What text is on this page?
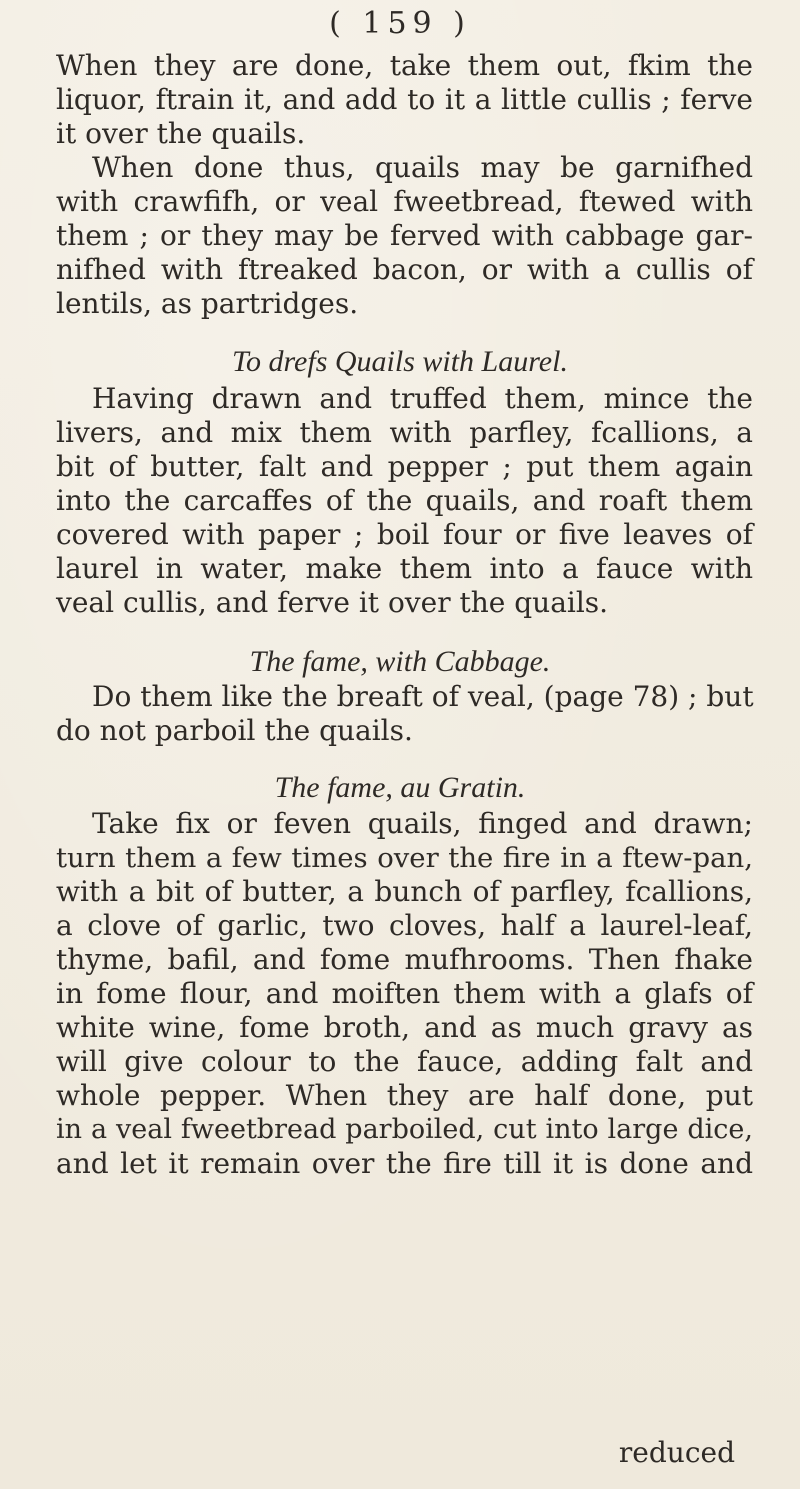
( 159 )
When they are done, take them out, fkim the
liquor, ftrain it, and add to it a little cullis ; ferve
it over the quails.
When done thus, quails may be garnifhed
with crawfifh, or veal fweetbread, ftewed with
them ; or they may be ferved with cabbage gar-
nifhed with ftreaked bacon, or with a cullis of
lentils, as partridges.
To drefs Quails with Laurel.
Having drawn and truffed them, mince the
livers, and mix them with parfley, fcallions, a
bit of butter, falt and pepper ; put them again
into the carcaffes of the quails, and roaft them
covered with paper ; boil four or five leaves of
laurel in water, make them into a fauce with
veal cullis, and ferve it over the quails.
The fame, with Cabbage.
Do them like the breaft of veal, (page 78) ; but
do not parboil the quails.
The fame, au Gratin.
Take fix or feven quails, finged and drawn;
turn them a few times over the fire in a ftew-pan,
with a bit of butter, a bunch of parfley, fcallions,
a clove of garlic, two cloves, half a laurel-leaf,
thyme, bafil, and fome mufhrooms. Then fhake
in fome flour, and moiften them with a glafs of
white wine, fome broth, and as much gravy as
will give colour to the fauce, adding falt and
whole pepper. When they are half done, put
in a veal fweetbread parboiled, cut into large dice,
and let it remain over the fire till it is done and
reduced
